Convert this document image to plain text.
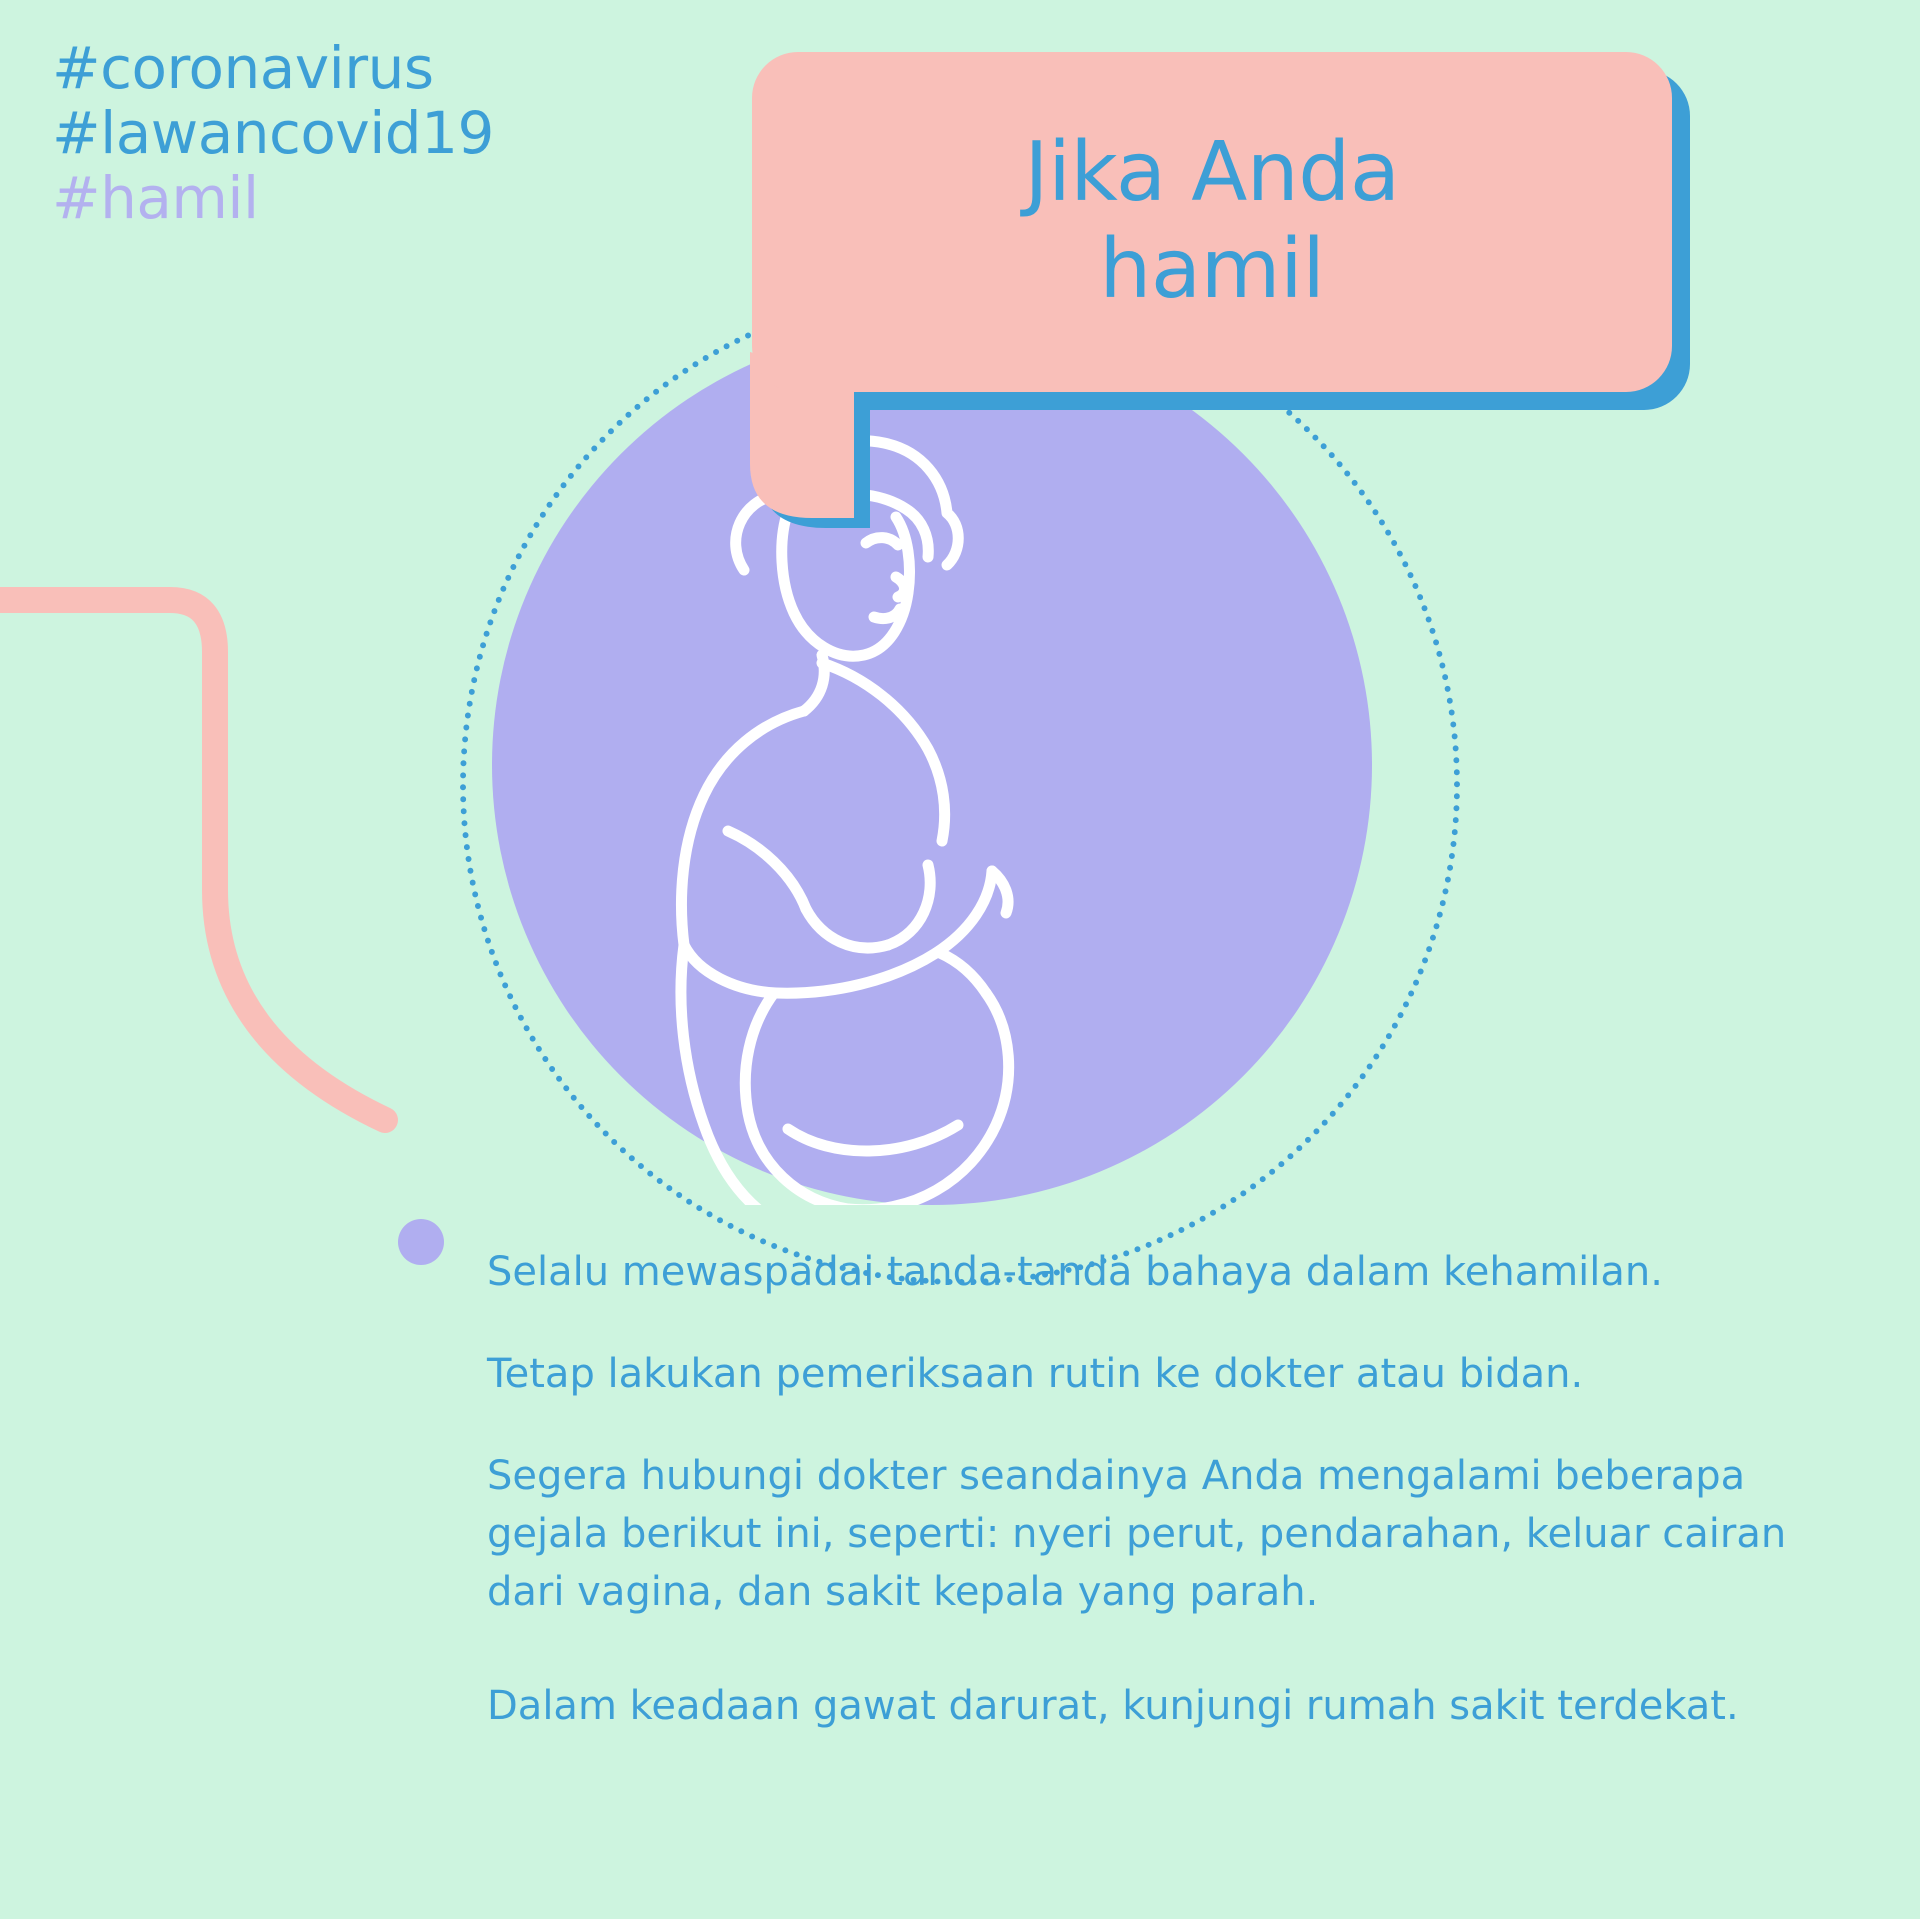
#coronavirus
#lawancovid19
#hamil	Jika Anda
hamil

Selalu mewaspadai tanda-tanda bahaya dalam kehamilan.

Tetap lakukan pemeriksaan rutin ke dokter atau bidan.

Segera hubungi dokter seandainya Anda mengalami beberapa gejala berikut ini, seperti: nyeri perut, pendarahan, keluar cairan dari vagina, dan sakit kepala yang parah.

Dalam keadaan gawat darurat, kunjungi rumah sakit terdekat.
